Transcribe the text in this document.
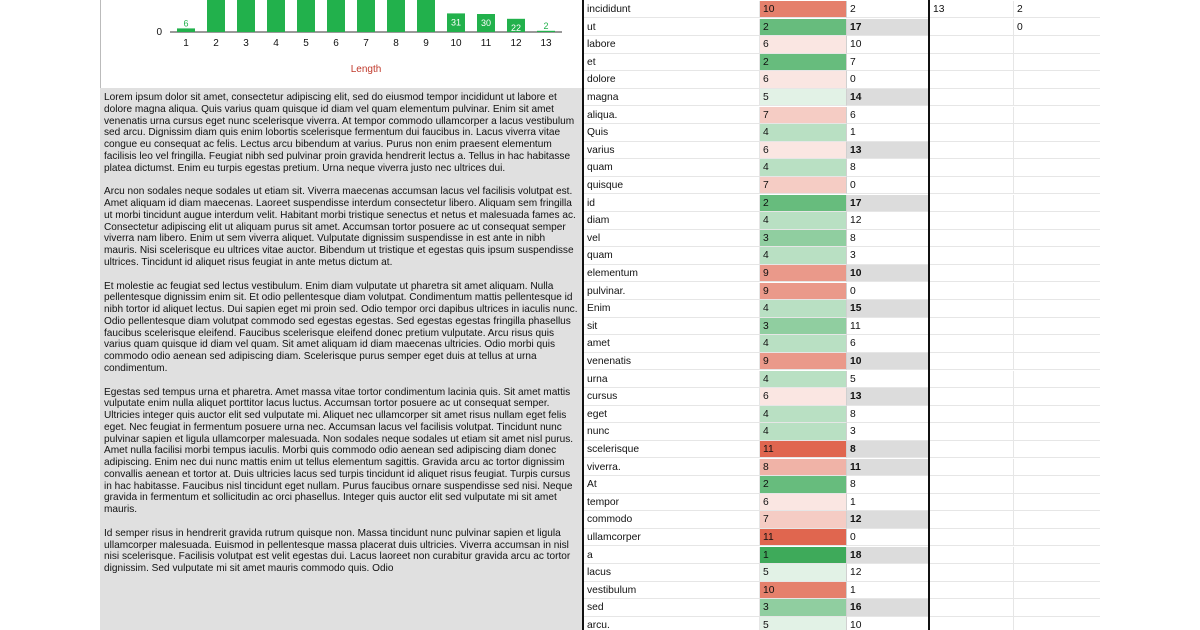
0
6
1 2 3 4 5 6 7 8 9
31
10
30
11
22
12
2
13
Length

Lorem ipsum dolor sit amet, consectetur adipiscing elit, sed do eiusmod tempor incididunt ut labore et dolore magna aliqua. Quis varius quam quisque id diam vel quam elementum pulvinar. Enim sit amet venenatis urna cursus eget nunc scelerisque viverra. At tempor commodo ullamcorper a lacus vestibulum sed arcu. Dignissim diam quis enim lobortis scelerisque fermentum dui faucibus in. Lacus viverra vitae congue eu consequat ac felis. Lectus arcu bibendum at varius. Purus non enim praesent elementum facilisis leo vel fringilla. Feugiat nibh sed pulvinar proin gravida hendrerit lectus a. Tellus in hac habitasse platea dictumst. Enim eu turpis egestas pretium. Urna neque viverra justo nec ultrices dui.

Arcu non sodales neque sodales ut etiam sit. Viverra maecenas accumsan lacus vel facilisis volutpat est. Amet aliquam id diam maecenas. Laoreet suspendisse interdum consectetur libero. Aliquam sem fringilla ut morbi tincidunt augue interdum velit. Habitant morbi tristique senectus et netus et malesuada fames ac. Consectetur adipiscing elit ut aliquam purus sit amet. Accumsan tortor posuere ac ut consequat semper viverra nam libero. Enim ut sem viverra aliquet. Vulputate dignissim suspendisse in est ante in nibh mauris. Nisi scelerisque eu ultrices vitae auctor. Bibendum ut tristique et egestas quis ipsum suspendisse ultrices. Tincidunt id aliquet risus feugiat in ante metus dictum at.

Et molestie ac feugiat sed lectus vestibulum. Enim diam vulputate ut pharetra sit amet aliquam. Nulla pellentesque dignissim enim sit. Et odio pellentesque diam volutpat. Condimentum mattis pellentesque id nibh tortor id aliquet lectus. Dui sapien eget mi proin sed. Odio tempor orci dapibus ultrices in iaculis nunc. Odio pellentesque diam volutpat commodo sed egestas egestas. Sed egestas egestas fringilla phasellus faucibus scelerisque eleifend. Faucibus scelerisque eleifend donec pretium vulputate. Arcu risus quis varius quam quisque id diam vel quam. Sit amet aliquam id diam maecenas ultricies. Odio morbi quis commodo odio aenean sed adipiscing diam. Scelerisque purus semper eget duis at tellus at urna condimentum.

Egestas sed tempus urna et pharetra. Amet massa vitae tortor condimentum lacinia quis. Sit amet mattis vulputate enim nulla aliquet porttitor lacus luctus. Accumsan tortor posuere ac ut consequat semper. Ultricies integer quis auctor elit sed vulputate mi. Aliquet nec ullamcorper sit amet risus nullam eget felis eget. Nec feugiat in fermentum posuere urna nec. Accumsan lacus vel facilisis volutpat. Tincidunt nunc pulvinar sapien et ligula ullamcorper malesuada. Non sodales neque sodales ut etiam sit amet nisl purus. Amet nulla facilisi morbi tempus iaculis. Morbi quis commodo odio aenean sed adipiscing diam donec adipiscing. Enim nec dui nunc mattis enim ut tellus elementum sagittis. Gravida arcu ac tortor dignissim convallis aenean et tortor at. Duis ultricies lacus sed turpis tincidunt id aliquet risus feugiat. Turpis cursus in hac habitasse. Faucibus nisl tincidunt eget nullam. Purus faucibus ornare suspendisse sed nisi. Neque gravida in fermentum et sollicitudin ac orci phasellus. Integer quis auctor elit sed vulputate mi sit amet mauris.

Id semper risus in hendrerit gravida rutrum quisque non. Massa tincidunt nunc pulvinar sapien et ligula ullamcorper malesuada. Euismod in pellentesque massa placerat duis ultricies. Viverra accumsan in nisl nisi scelerisque. Facilisis volutpat est velit egestas dui. Lacus laoreet non curabitur gravida arcu ac tortor dignissim. Sed vulputate mi sit amet mauris commodo quis. Odio

incididunt	10	2	13	2
ut	2	17	0
labore	6	10
et	2	7
dolore	6	0
magna	5	14
aliqua.	7	6
Quis	4	1
varius	6	13
quam	4	8
quisque	7	0
id	2	17
diam	4	12
vel	3	8
quam	4	3
elementum	9	10
pulvinar.	9	0
Enim	4	15
sit	3	11
amet	4	6
venenatis	9	10
urna	4	5
cursus	6	13
eget	4	8
nunc	4	3
scelerisque	11	8
viverra.	8	11
At	2	8
tempor	6	1
commodo	7	12
ullamcorper	11	0
a	1	18
lacus	5	12
vestibulum	10	1
sed	3	16
arcu.	5	10
